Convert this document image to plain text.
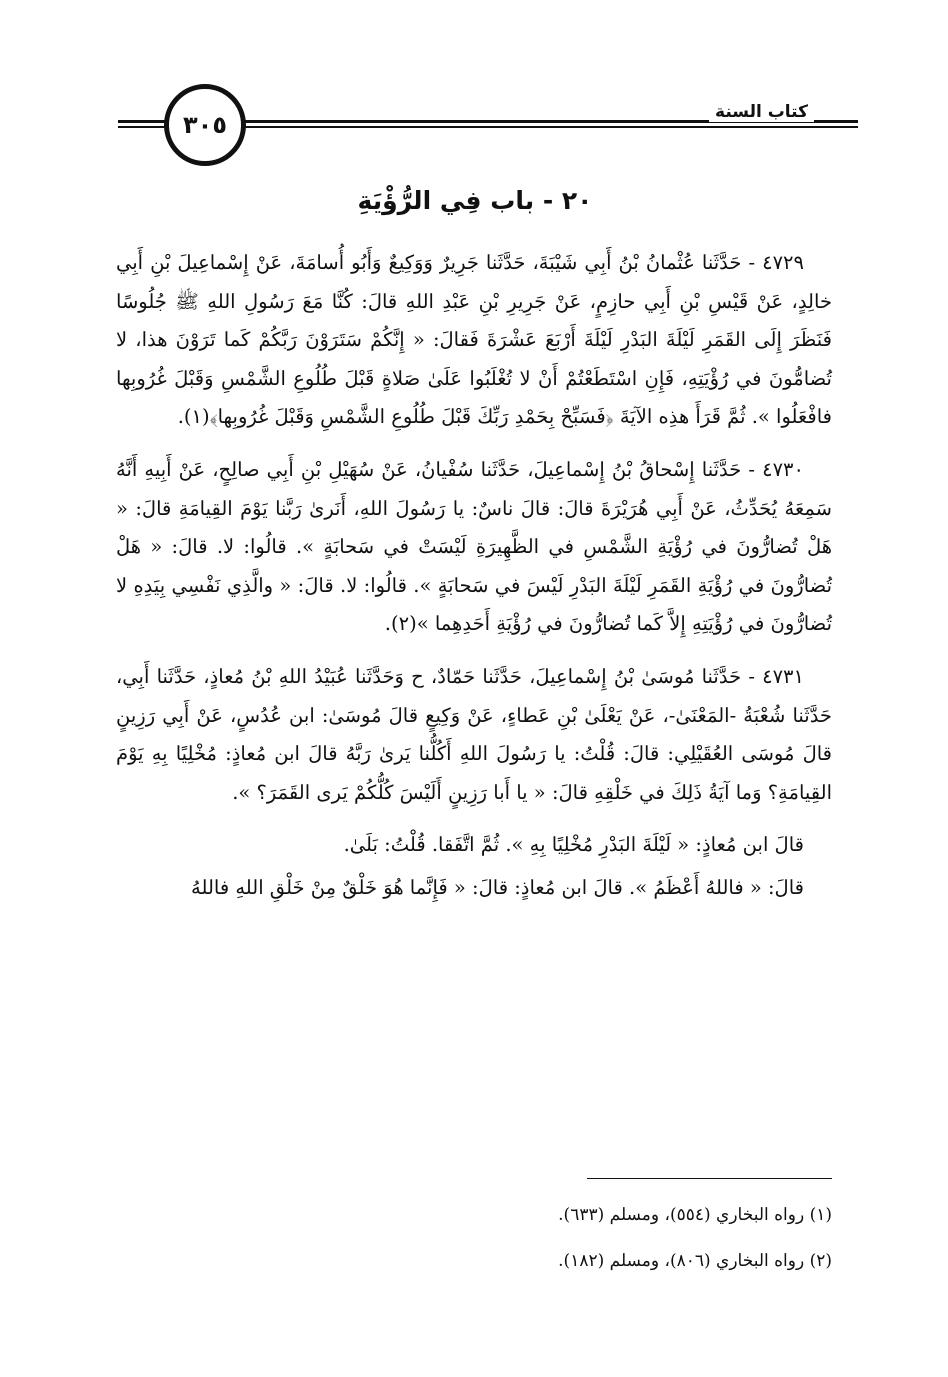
٣٠٥	كتاب السنة
٢٠ - باب فِي الرُّؤْيَةِ

٤٧٢٩ - حَدَّثَنا عُثْمانُ بْنُ أَبِي شَيْبَةَ، حَدَّثَنا جَرِيرٌ وَوَكِيعٌ وَأَبُو أُسامَةَ، عَنْ إِسْماعِيلَ بْنِ أَبِي خالِدٍ، عَنْ قَيْسِ بْنِ أَبِي حازِمٍ، عَنْ جَرِيرِ بْنِ عَبْدِ اللهِ قالَ: كُنَّا مَعَ رَسُولِ اللهِ ﷺ جُلُوسًا فَنَظَرَ إِلَى القَمَرِ لَيْلَةَ البَدْرِ لَيْلَةَ أَرْبَعَ عَشْرَةَ فَقالَ: « إِنَّكُمْ سَتَرَوْنَ رَبَّكُمْ كَما تَرَوْنَ هذا، لا تُضامُّونَ في رُؤْيَتِهِ، فَإِنِ اسْتَطَعْتُمْ أَنْ لا تُغْلَبُوا عَلَىٰ صَلاةٍ قَبْلَ طُلُوعِ الشَّمْسِ وَقَبْلَ غُرُوبِها فافْعَلُوا ». ثُمَّ قَرَأَ هذِه الآيَةَ ﴿فَسَبِّحْ بِحَمْدِ رَبِّكَ قَبْلَ طُلُوعِ الشَّمْسِ وَقَبْلَ غُرُوبِها﴾(١).

٤٧٣٠ - حَدَّثَنا إِسْحاقُ بْنُ إِسْماعِيلَ، حَدَّثَنا سُفْيانُ، عَنْ سُهَيْلِ بْنِ أَبِي صالِحٍ، عَنْ أَبِيهِ أَنَّهُ سَمِعَهُ يُحَدِّثُ، عَنْ أَبِي هُرَيْرَةَ قالَ: قالَ ناسٌ: يا رَسُولَ اللهِ، أَنَرىٰ رَبَّنا يَوْمَ القِيامَةِ قالَ: « هَلْ تُضارُّونَ في رُؤْيَةِ الشَّمْسِ في الظَّهِيرَةِ لَيْسَتْ في سَحابَةٍ ». قالُوا: لا. قالَ: « هَلْ تُضارُّونَ في رُؤْيَةِ القَمَرِ لَيْلَةَ البَدْرِ لَيْسَ في سَحابَةٍ ». قالُوا: لا. قالَ: « والَّذِي نَفْسِي بِيَدِهِ لا تُضارُّونَ في رُؤْيَتِهِ إِلاَّ كَما تُضارُّونَ في رُؤْيَةِ أَحَدِهِما »(٢).

٤٧٣١ - حَدَّثَنا مُوسَىٰ بْنُ إِسْماعِيلَ، حَدَّثَنا حَمّادٌ، ح وَحَدَّثَنا عُبَيْدُ اللهِ بْنُ مُعاذٍ، حَدَّثَنا أَبِي، حَدَّثَنا شُعْبَةُ -المَعْنَىٰ-، عَنْ يَعْلَىٰ بْنِ عَطاءٍ، عَنْ وَكِيعٍ قالَ مُوسَىٰ: ابن عُدُسٍ، عَنْ أَبِي رَزِينٍ قالَ مُوسَى العُقَيْلِي: قالَ: قُلْتُ: يا رَسُولَ اللهِ أَكُلُّنا يَرىٰ رَبَّهُ قالَ ابن مُعاذٍ: مُخْلِيًا بِهِ يَوْمَ القِيامَةِ؟ وَما آيَةُ ذَلِكَ في خَلْقِهِ قالَ: « يا أَبا رَزِينٍ أَلَيْسَ كُلُّكُمْ يَرى القَمَرَ؟ ».

قالَ ابن مُعاذٍ: « لَيْلَةَ البَدْرِ مُخْلِيًا بِهِ ». ثُمَّ اتَّفَقا. قُلْتُ: بَلَىٰ.

قالَ: « فاللهُ أَعْظَمُ ». قالَ ابن مُعاذٍ: قالَ: « فَإِنَّما هُوَ خَلْقٌ مِنْ خَلْقِ اللهِ فاللهُ

(١) رواه البخاري (٥٥٤)، ومسلم (٦٣٣).
(٢) رواه البخاري (٨٠٦)، ومسلم (١٨٢).
